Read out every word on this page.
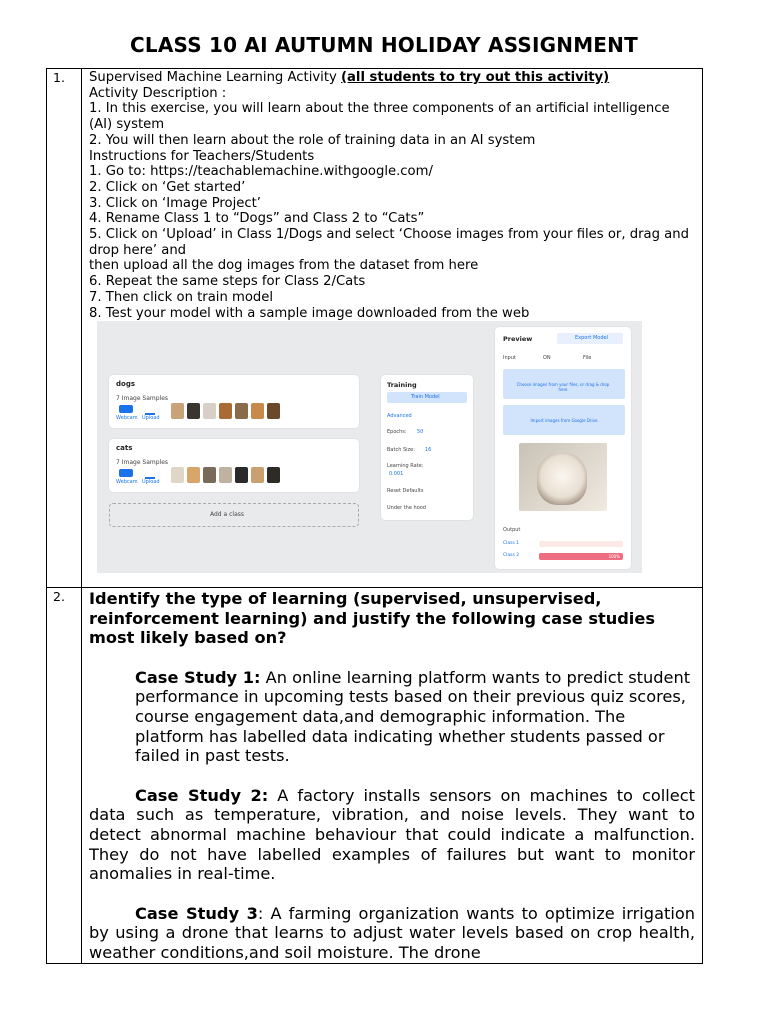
CLASS 10 AI AUTUMN HOLIDAY ASSIGNMENT
1. Supervised Machine Learning Activity (all students to try out this activity)
Activity Description :
1. In this exercise, you will learn about the three components of an artificial intelligence (AI) system
2. You will then learn about the role of training data in an AI system
Instructions for Teachers/Students
1. Go to: https://teachablemachine.withgoogle.com/
2. Click on ‘Get started’
3. Click on ‘Image Project’
4. Rename Class 1 to “Dogs” and Class 2 to “Cats”
5. Click on ‘Upload’ in Class 1/Dogs and select ‘Choose images from your files or, drag and drop here’ and
then upload all the dog images from the dataset from here
6. Repeat the same steps for Class 2/Cats
7. Then click on train model
8. Test your model with a sample image downloaded from the web
dogs
7 Image Samples
Webcam Upload
cats
7 Image Samples
Webcam Upload
Add a class
Training
Train Model
Advanced
Epochs: 50
Batch Size: 16
Learning Rate:
0.001
Reset Defaults
Under the hood
Preview	Export Model
Input	ON	File
Choose images from your files, or drag & drop here
Import images from Google Drive
Output
Class 1
Class 2	100%
2. Identify the type of learning (supervised, unsupervised, reinforcement learning) and justify the following case studies most likely based on?
Case Study 1: An online learning platform wants to predict student performance in upcoming tests based on their previous quiz scores, course engagement data,and demographic information. The platform has labelled data indicating whether students passed or failed in past tests.
Case Study 2: A factory installs sensors on machines to collect data such as temperature, vibration, and noise levels. They want to detect abnormal machine behaviour that could indicate a malfunction. They do not have labelled examples of failures but want to monitor anomalies in real-time.
Case Study 3: A farming organization wants to optimize irrigation by using a drone that learns to adjust water levels based on crop health, weather conditions,and soil moisture. The drone
